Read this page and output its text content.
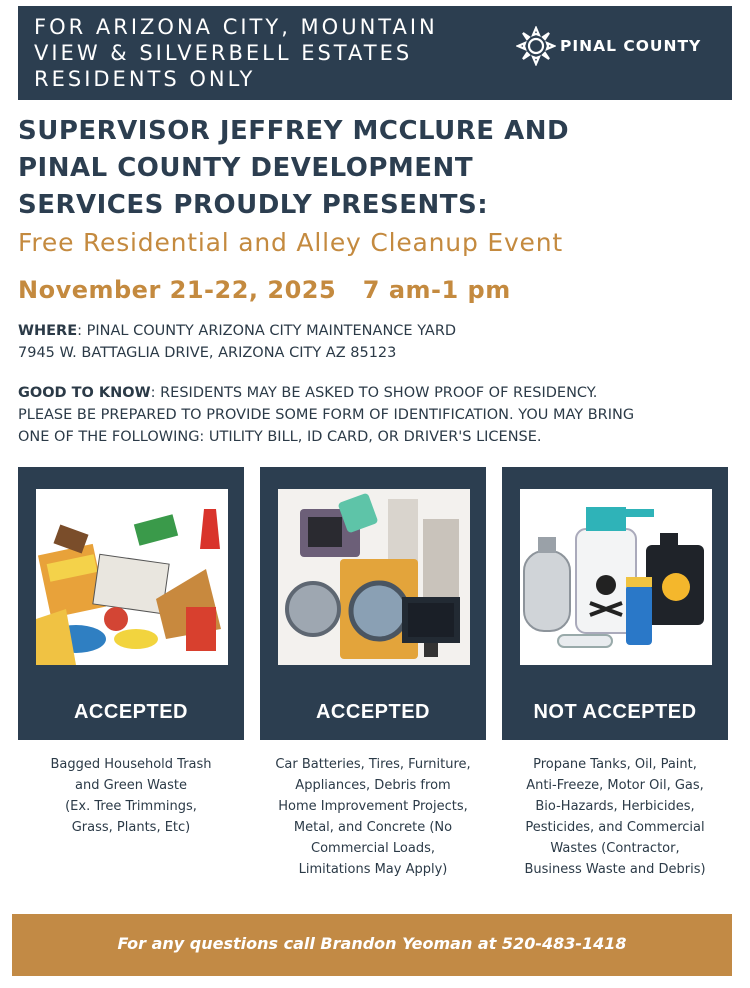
FOR ARIZONA CITY, MOUNTAIN
VIEW & SILVERBELL ESTATES
RESIDENTS ONLY
PINAL COUNTY
SUPERVISOR JEFFREY MCCLURE AND
PINAL COUNTY DEVELOPMENT
SERVICES PROUDLY PRESENTS:
Free Residential and Alley Cleanup Event
November 21-22, 2025 7 am-1 pm
WHERE: PINAL COUNTY ARIZONA CITY MAINTENANCE YARD
7945 W. BATTAGLIA DRIVE, ARIZONA CITY AZ 85123
GOOD TO KNOW: RESIDENTS MAY BE ASKED TO SHOW PROOF OF RESIDENCY.
PLEASE BE PREPARED TO PROVIDE SOME FORM OF IDENTIFICATION. YOU MAY BRING
ONE OF THE FOLLOWING: UTILITY BILL, ID CARD, OR DRIVER'S LICENSE.
ACCEPTED	ACCEPTED	NOT ACCEPTED
Bagged Household Trash
and Green Waste
(Ex. Tree Trimmings,
Grass, Plants, Etc)
Car Batteries, Tires, Furniture,
Appliances, Debris from
Home Improvement Projects,
Metal, and Concrete (No
Commercial Loads,
Limitations May Apply)
Propane Tanks, Oil, Paint,
Anti-Freeze, Motor Oil, Gas,
Bio-Hazards, Herbicides,
Pesticides, and Commercial
Wastes (Contractor,
Business Waste and Debris)
For any questions call Brandon Yeoman at 520-483-1418
